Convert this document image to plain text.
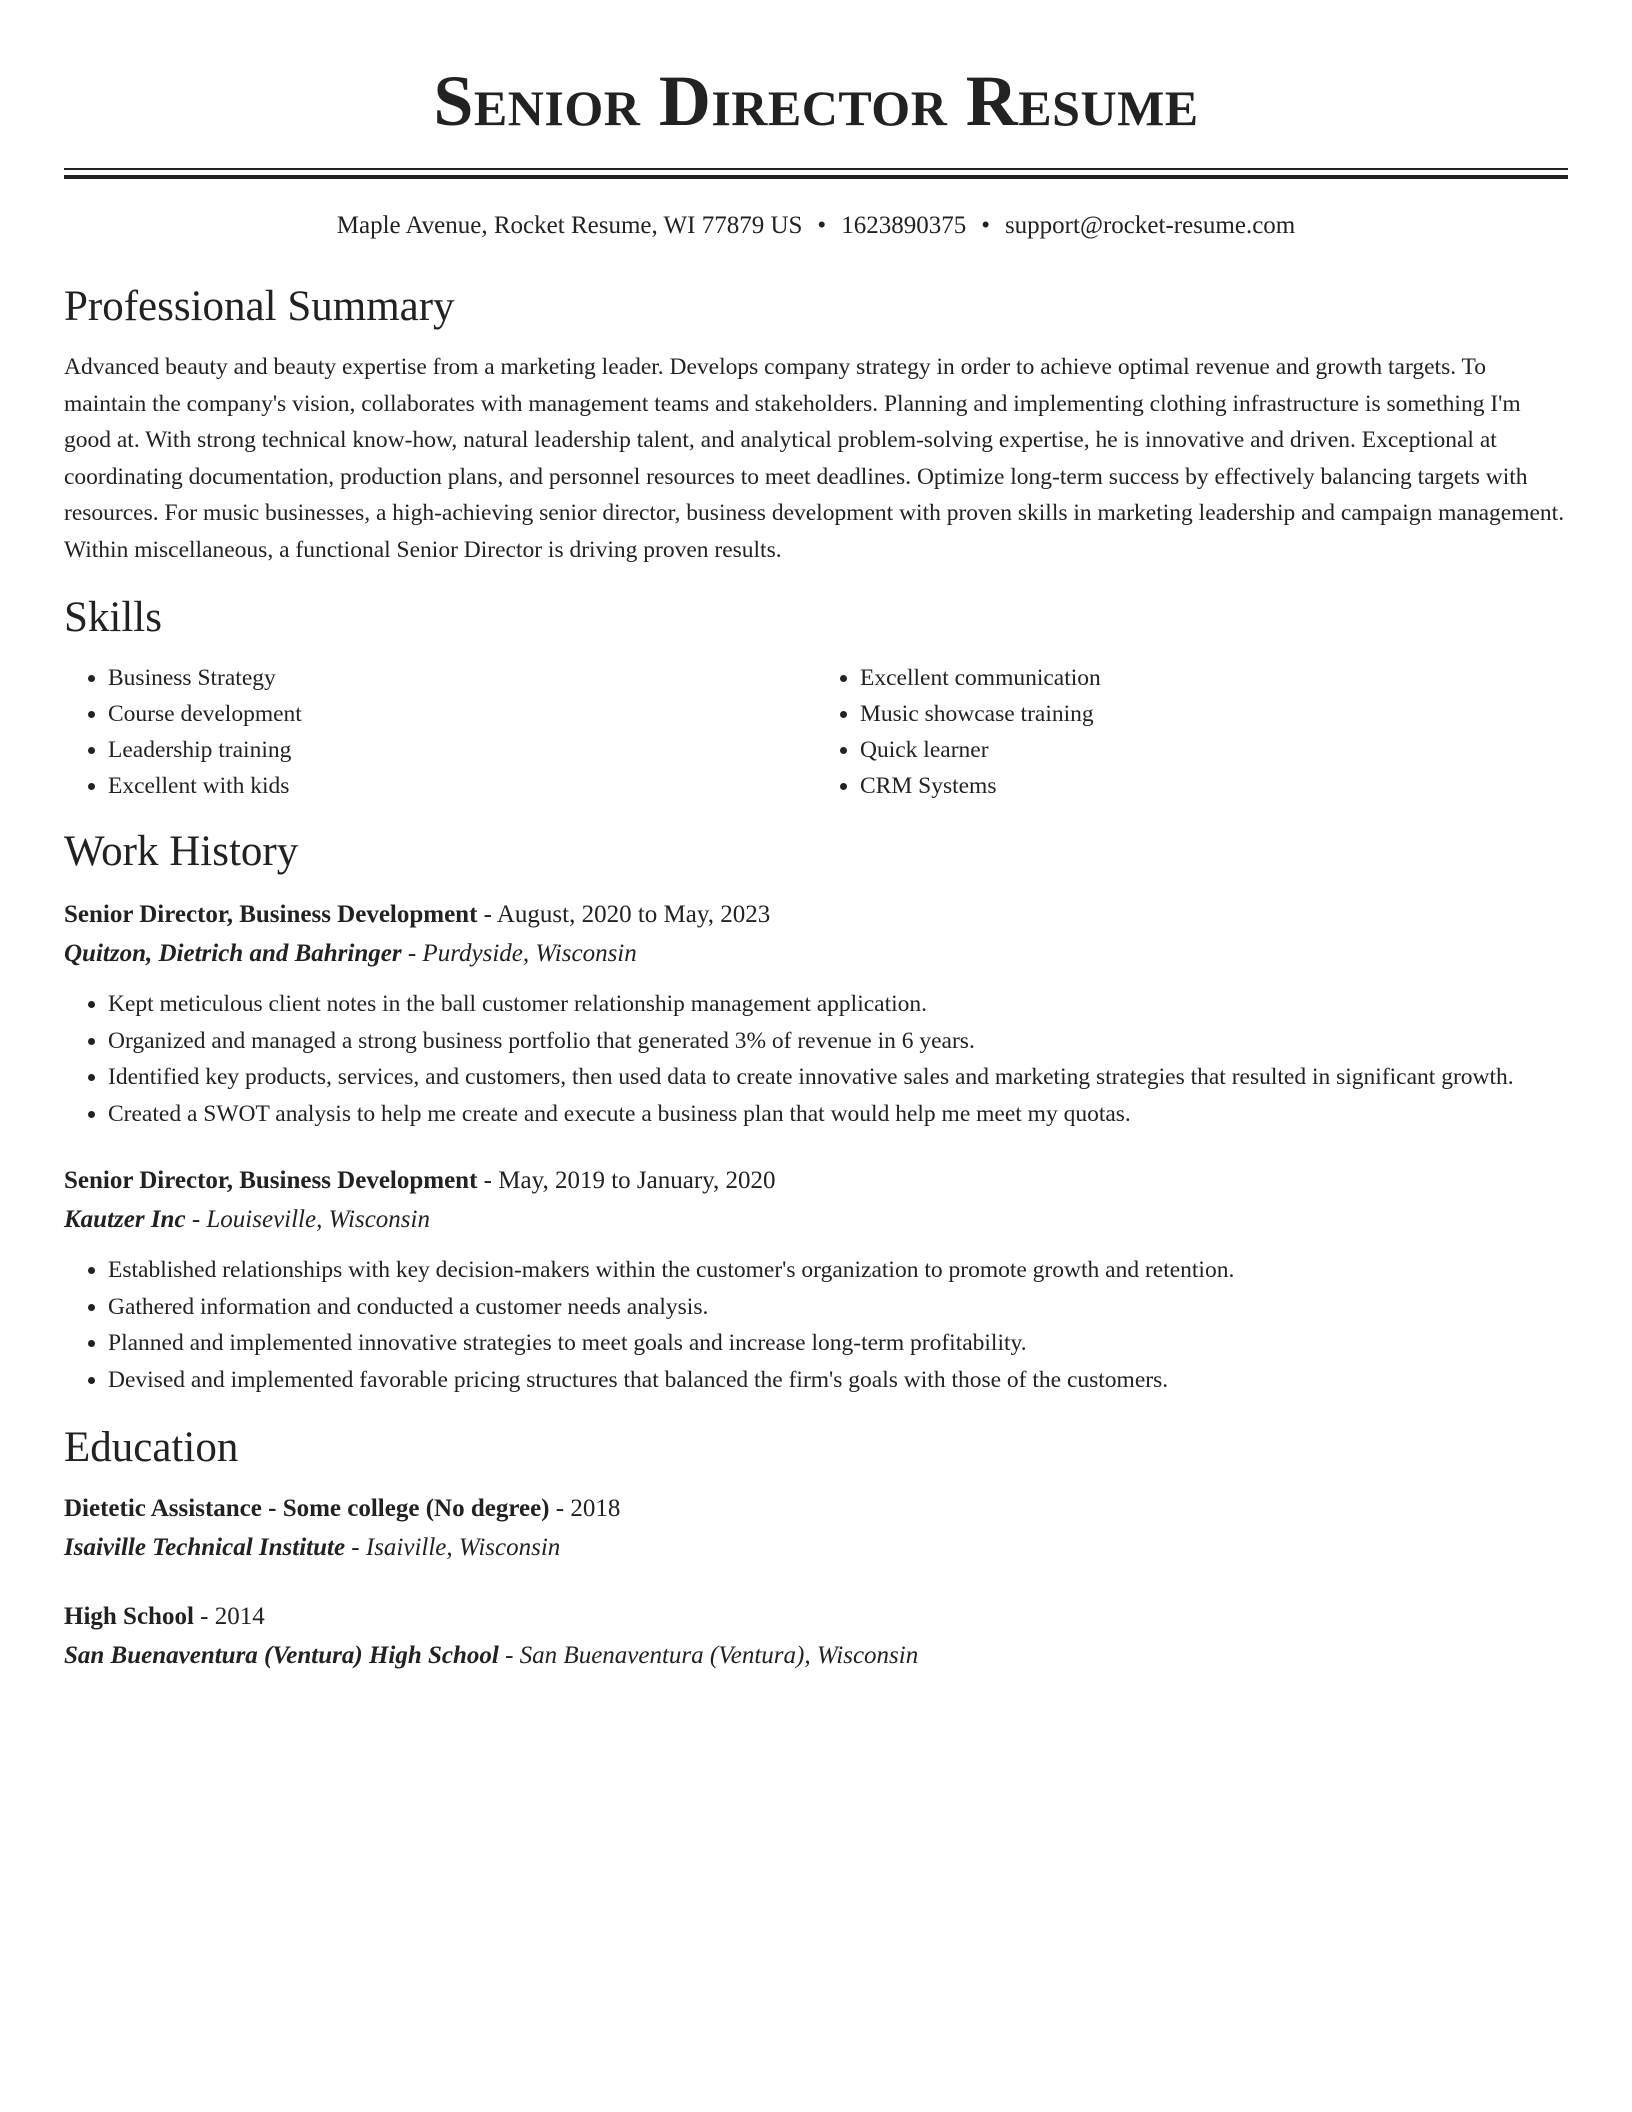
Senior Director Resume
Maple Avenue, Rocket Resume, WI 77879 US • 1623890375 • support@rocket-resume.com
Professional Summary

Advanced beauty and beauty expertise from a marketing leader. Develops company strategy in order to achieve optimal revenue and growth targets. To maintain the company's vision, collaborates with management teams and stakeholders. Planning and implementing clothing infrastructure is something I'm good at. With strong technical know-how, natural leadership talent, and analytical problem-solving expertise, he is innovative and driven. Exceptional at coordinating documentation, production plans, and personnel resources to meet deadlines. Optimize long-term success by effectively balancing targets with resources. For music businesses, a high-achieving senior director, business development with proven skills in marketing leadership and campaign management. Within miscellaneous, a functional Senior Director is driving proven results.

Skills
• Business Strategy
• Course development
• Leadership training
• Excellent with kids
• Excellent communication
• Music showcase training
• Quick learner
• CRM Systems
Work History
Senior Director, Business Development - August, 2020 to May, 2023
Quitzon, Dietrich and Bahringer - Purdyside, Wisconsin
• Kept meticulous client notes in the ball customer relationship management application.
• Organized and managed a strong business portfolio that generated 3% of revenue in 6 years.
• Identified key products, services, and customers, then used data to create innovative sales and marketing strategies that resulted in significant growth.
• Created a SWOT analysis to help me create and execute a business plan that would help me meet my quotas.
Senior Director, Business Development - May, 2019 to January, 2020
Kautzer Inc - Louiseville, Wisconsin
• Established relationships with key decision-makers within the customer's organization to promote growth and retention.
• Gathered information and conducted a customer needs analysis.
• Planned and implemented innovative strategies to meet goals and increase long-term profitability.
• Devised and implemented favorable pricing structures that balanced the firm's goals with those of the customers.
Education
Dietetic Assistance - Some college (No degree) - 2018
Isaiville Technical Institute - Isaiville, Wisconsin
High School - 2014
San Buenaventura (Ventura) High School - San Buenaventura (Ventura), Wisconsin
